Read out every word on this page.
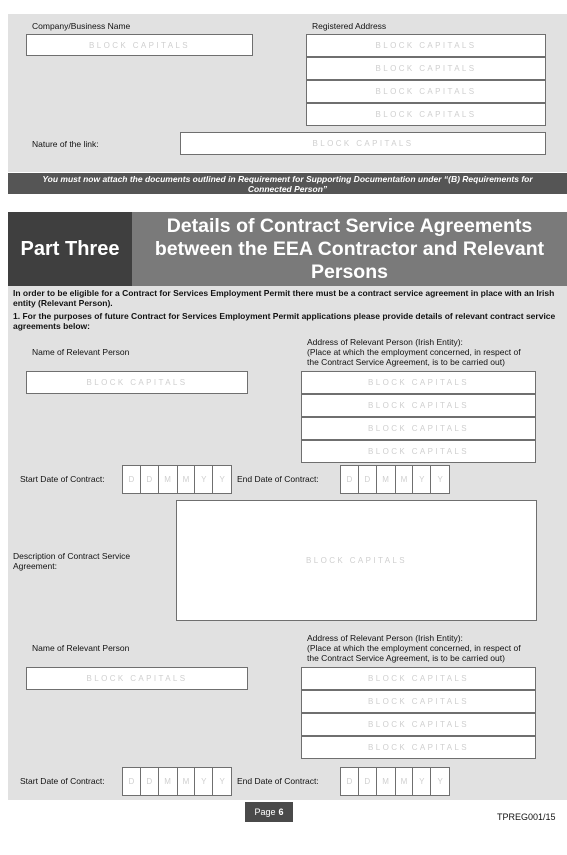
Company/Business Name
BLOCK CAPITALS
Registered Address
BLOCK CAPITALS
BLOCK CAPITALS
BLOCK CAPITALS
BLOCK CAPITALS
Nature of the link:	BLOCK CAPITALS
You must now attach the documents outlined in Requirement for Supporting Documentation under “(B) Requirements for Connected Person”
Part Three
Details of Contract Service Agreements between the EEA Contractor and Relevant Persons
In order to be eligible for a Contract for Services Employment Permit there must be a contract service agreement in place with an Irish entity (Relevant Person).
1. For the purposes of future Contract for Services Employment Permit applications please provide details of relevant contract service agreements below:
Name of Relevant Person
Address of Relevant Person (Irish Entity):
(Place at which the employment concerned, in respect of
the Contract Service Agreement, is to be carried out)
BLOCK CAPITALS	BLOCK CAPITALS
BLOCK CAPITALS
BLOCK CAPITALS
BLOCK CAPITALS
Start Date of Contract:	D	D	M	M	Y	Y	End Date of Contract:	D	D	M	M	Y	Y
Description of Contract Service Agreement:
BLOCK CAPITALS
Name of Relevant Person
Address of Relevant Person (Irish Entity):
(Place at which the employment concerned, in respect of
the Contract Service Agreement, is to be carried out)
BLOCK CAPITALS	BLOCK CAPITALS
BLOCK CAPITALS
BLOCK CAPITALS
BLOCK CAPITALS
Start Date of Contract:	D	D	M	M	Y	Y	End Date of Contract:	D	D	M	M	Y	Y
Page 6	TPREG001/15
